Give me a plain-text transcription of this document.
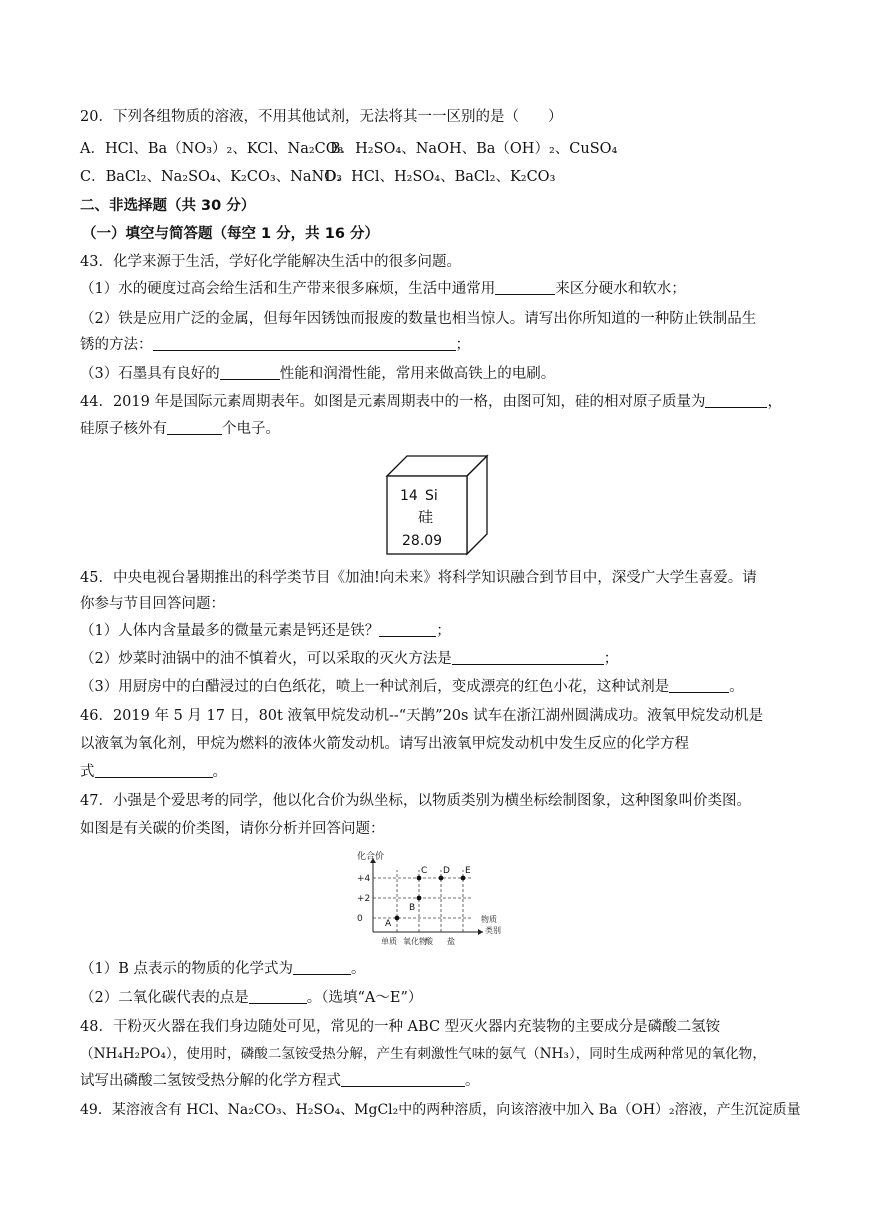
20．下列各组物质的溶液，不用其他试剂，无法将其一一区别的是（　　）
A．HCl、Ba（NO₃）₂、KCl、Na₂CO₃
B．H₂SO₄、NaOH、Ba（OH）₂、CuSO₄
C．BaCl₂、Na₂SO₄、K₂CO₃、NaNO₃
D．HCl、H₂SO₄、BaCl₂、K₂CO₃
二、非选择题（共 30 分）
（一）填空与简答题（每空 1 分，共 16 分）
43．化学来源于生活，学好化学能解决生活中的很多问题。
（1）水的硬度过高会给生活和生产带来很多麻烦，生活中通常用	来区分硬水和软水；
（2）铁是应用广泛的金属，但每年因锈蚀而报废的数量也相当惊人。请写出你所知道的一种防止铁制品生
锈的方法：	；
（3）石墨具有良好的	性能和润滑性能，常用来做高铁上的电刷。
44．2019 年是国际元素周期表年。如图是元素周期表中的一格，由图可知，硅的相对原子质量为	，
硅原子核外有	个电子。
14 Si
硅
28.09
45．中央电视台暑期推出的科学类节目《加油!向未来》将科学知识融合到节目中，深受广大学生喜爱。请
你参与节目回答问题：
（1）人体内含量最多的微量元素是钙还是铁？	；
（2）炒菜时油锅中的油不慎着火，可以采取的灭火方法是	；
（3）用厨房中的白醋浸过的白色纸花，喷上一种试剂后，变成漂亮的红色小花，这种试剂是	。
46．2019 年 5 月 17 日，80t 液氧甲烷发动机--“天鹊”20s 试车在浙江湖州圆满成功。液氧甲烷发动机是
以液氧为氧化剂，甲烷为燃料的液体火箭发动机。请写出液氧甲烷发动机中发生反应的化学方程
式	。
47．小强是个爱思考的同学，他以化合价为纵坐标，以物质类别为横坐标绘制图象，这种图象叫价类图。
如图是有关碳的价类图，请你分析并回答问题：
化合价
物质
类别
+4
+2
0
单质 氧化物
酸 盐
A
B
C D E
（1）B 点表示的物质的化学式为	。
（2）二氧化碳代表的点是	。（选填“A～E”）
48．干粉灭火器在我们身边随处可见，常见的一种 ABC 型灭火器内充装物的主要成分是磷酸二氢铵
（NH₄H₂PO₄），使用时，磷酸二氢铵受热分解，产生有刺激性气味的氨气（NH₃），同时生成两种常见的氧化物，
试写出磷酸二氢铵受热分解的化学方程式	。
49．某溶液含有 HCl、Na₂CO₃、H₂SO₄、MgCl₂中的两种溶质，向该溶液中加入 Ba（OH）₂溶液，产生沉淀质量
